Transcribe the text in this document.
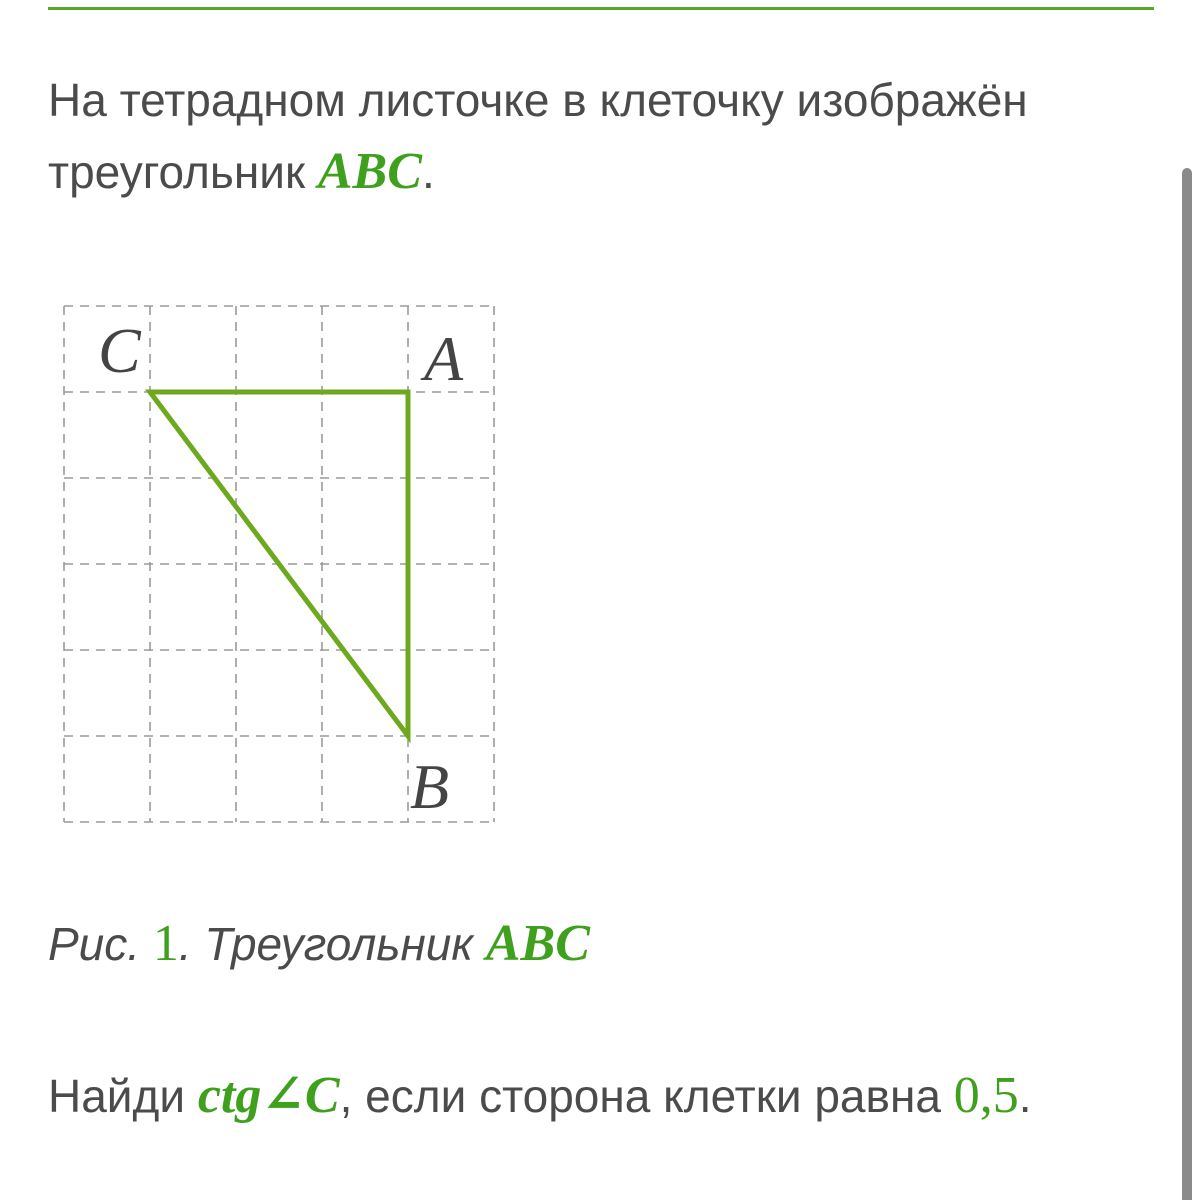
На тетрадном листочке в клеточку изображён
треугольник ABC.

C	A
B

Рис. 1. Треугольник ABC

Найди ctg∠C, если сторона клетки равна 0,5.
